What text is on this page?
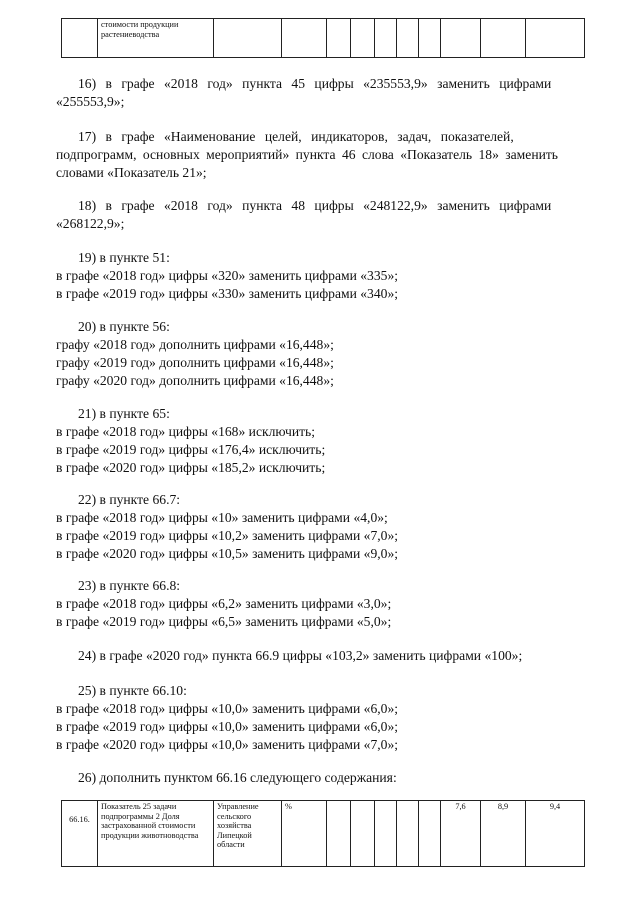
	стоимости продукции растениеводства										
16) в графе «2018 год» пункта 45 цифры «235553,9» заменить цифрами
«255553,9»;
17) в графе «Наименование целей, индикаторов, задач, показателей,
подпрограмм, основных мероприятий» пункта 46 слова «Показатель 18» заменить
словами «Показатель 21»;
18) в графе «2018 год» пункта 48 цифры «248122,9» заменить цифрами
«268122,9»;
19) в пункте 51:
в графе «2018 год» цифры «320» заменить цифрами «335»;
в графе «2019 год» цифры «330» заменить цифрами «340»;
20) в пункте 56:
графу «2018 год» дополнить цифрами «16,448»;
графу «2019 год» дополнить цифрами «16,448»;
графу «2020 год» дополнить цифрами «16,448»;
21) в пункте 65:
в графе «2018 год» цифры «168» исключить;
в графе «2019 год» цифры «176,4» исключить;
в графе «2020 год» цифры «185,2» исключить;
22) в пункте 66.7:
в графе «2018 год» цифры «10» заменить цифрами «4,0»;
в графе «2019 год» цифры «10,2» заменить цифрами «7,0»;
в графе «2020 год» цифры «10,5» заменить цифрами «9,0»;
23) в пункте 66.8:
в графе «2018 год» цифры «6,2» заменить цифрами «3,0»;
в графе «2019 год» цифры «6,5» заменить цифрами «5,0»;
24) в графе «2020 год» пункта 66.9 цифры «103,2» заменить цифрами «100»;
25) в пункте 66.10:
в графе «2018 год» цифры «10,0» заменить цифрами «6,0»;
в графе «2019 год» цифры «10,0» заменить цифрами «6,0»;
в графе «2020 год» цифры «10,0» заменить цифрами «7,0»;
26) дополнить пунктом 66.16 следующего содержания:
66.16.	Показатель 25 задачи подпрограммы 2 Доля застрахованной стоимости продукции животноводства	Управление сельского хозяйства Липецкой области	%						7,6	8,9	9,4
